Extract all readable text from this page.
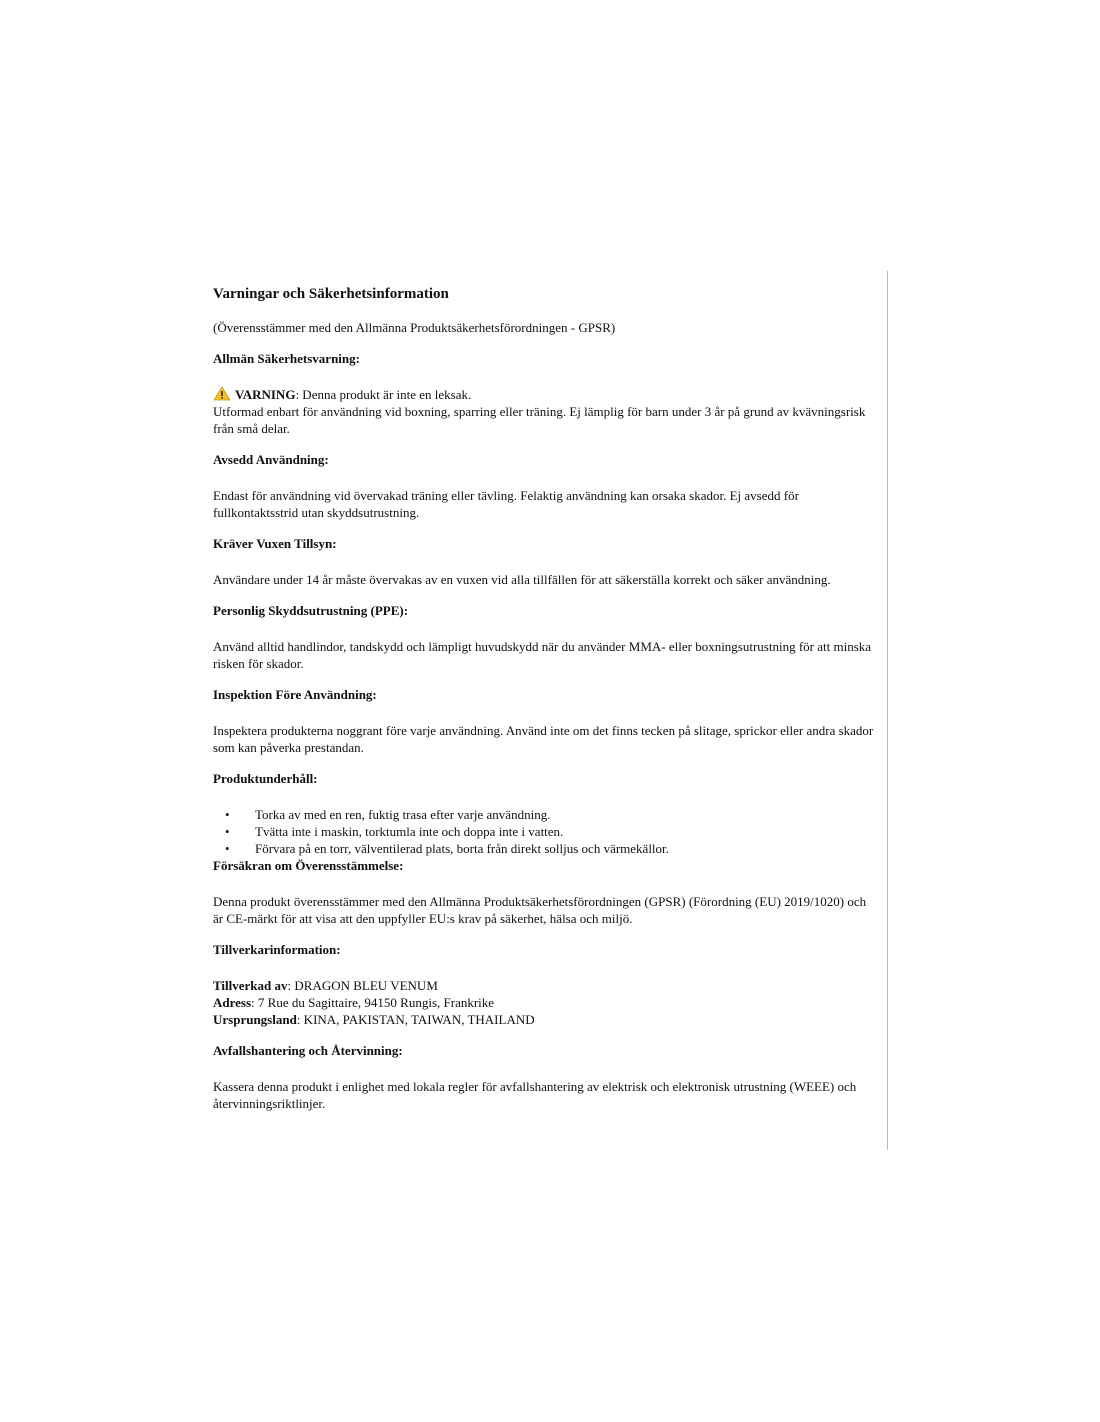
Varningar och Säkerhetsinformation

(Överensstämmer med den Allmänna Produktsäkerhetsförordningen - GPSR)

Allmän Säkerhetsvarning:

VARNING: Denna produkt är inte en leksak.

Utformad enbart för användning vid boxning, sparring eller träning. Ej lämplig för barn under 3 år på grund av kvävningsrisk från små delar.

Avsedd Användning:

Endast för användning vid övervakad träning eller tävling. Felaktig användning kan orsaka skador. Ej avsedd för fullkontaktsstrid utan skyddsutrustning.

Kräver Vuxen Tillsyn:

Användare under 14 år måste övervakas av en vuxen vid alla tillfällen för att säkerställa korrekt och säker användning.

Personlig Skyddsutrustning (PPE):

Använd alltid handlindor, tandskydd och lämpligt huvudskydd när du använder MMA- eller boxningsutrustning för att minska risken för skador.

Inspektion Före Användning:

Inspektera produkterna noggrant före varje användning. Använd inte om det finns tecken på slitage, sprickor eller andra skador som kan påverka prestandan.

Produktunderhåll:
• Torka av med en ren, fuktig trasa efter varje användning.
• Tvätta inte i maskin, torktumla inte och doppa inte i vatten.
• Förvara på en torr, välventilerad plats, borta från direkt solljus och värmekällor.
Försäkran om Överensstämmelse:

Denna produkt överensstämmer med den Allmänna Produktsäkerhetsförordningen (GPSR) (Förordning (EU) 2019/1020) och är CE-märkt för att visa att den uppfyller EU:s krav på säkerhet, hälsa och miljö.

Tillverkarinformation:

Tillverkad av: DRAGON BLEU VENUM

Adress: 7 Rue du Sagittaire, 94150 Rungis, Frankrike

Ursprungsland: KINA, PAKISTAN, TAIWAN, THAILAND

Avfallshantering och Återvinning:

Kassera denna produkt i enlighet med lokala regler för avfallshantering av elektrisk och elektronisk utrustning (WEEE) och återvinningsriktlinjer.
